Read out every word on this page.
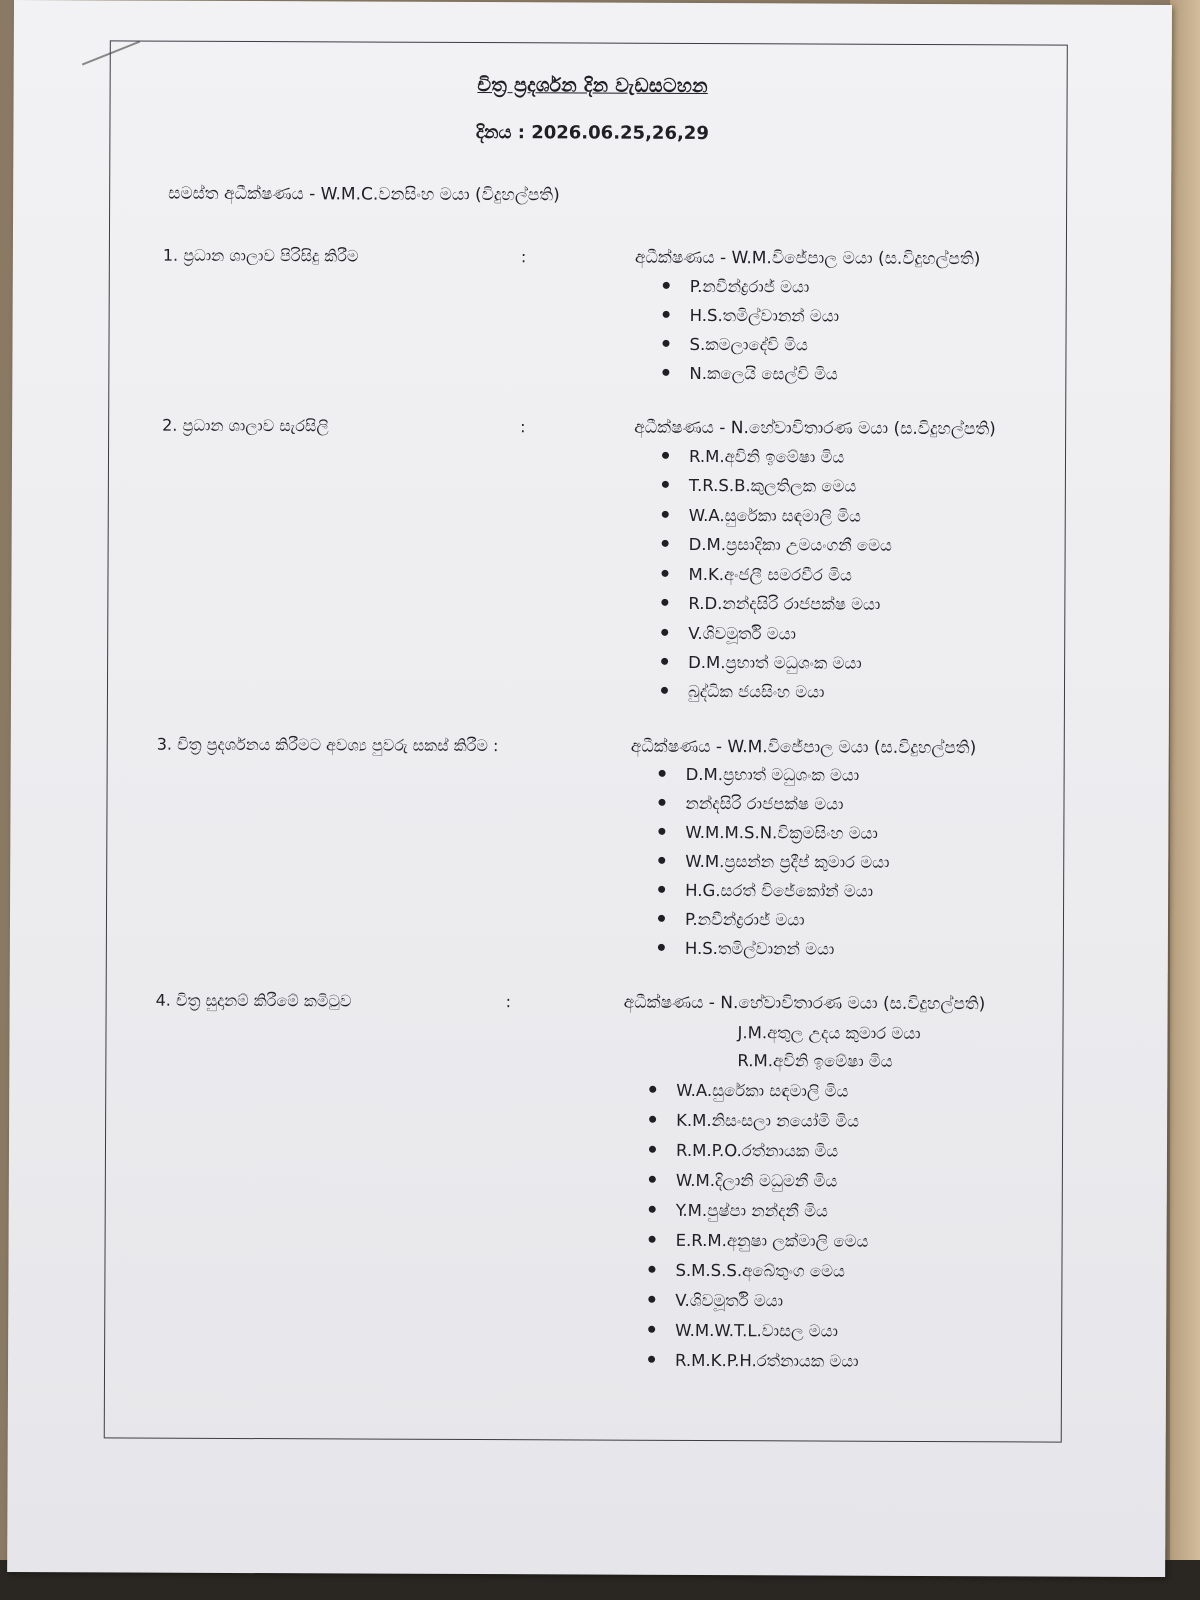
චිත්‍ර ප්‍රදර්ශන දින වැඩසටහන
දිනය : 2026.06.25,26,29
සමස්ත අධීක්ෂණය - W.M.C.වනසිංහ මයා (විදුහල්පති)
1. ප්‍රධාන ශාලාව පිරිසිදු කිරීම	:	අධීක්ෂණය - W.M.විජේපාල මයා (ස.විදුහල්පති)
P.නවීන්ද්‍රරාජ් මයා
H.S.තමිල්වානන් මයා
S.කමලාදේවි මිය
N.කලෙයි සෙල්වි මිය
2. ප්‍රධාන ශාලාව සැරසිලි	:	අධීක්ෂණය - N.හේවාවිතාරණ මයා (ස.විදුහල්පති)
R.M.අවිනි ඉමේෂා මිය
T.R.S.B.කුලතිලක මෙය
W.A.සුරේකා සඳමාලි මිය
D.M.ප්‍රසාදිකා උමයංගනී මෙය
M.K.අංජලී සමරවීර මිය
R.D.නන්දසිරි රාජපක්ෂ මයා
V.ශිවමූර්ති මයා
D.M.ප්‍රභාත් මධුශංක මයා
බුද්ධික ජයසිංහ මයා
3. චිත්‍ර ප්‍රදර්ශනය කිරීමට අවශ්‍ය පුවරු සකස් කිරීම :	අධීක්ෂණය - W.M.විජේපාල මයා (ස.විදුහල්පති)
D.M.ප්‍රභාත් මධුශංක මයා
නන්දසිරි රාජපක්ෂ මයා
W.M.M.S.N.වික්‍රමසිංහ මයා
W.M.ප්‍රසන්න ප්‍රදීප් කුමාර මයා
H.G.සරත් විජේකෝන් මයා
P.නවීන්ද්‍රරාජ් මයා
H.S.තමිල්වානන් මයා
4. චිත්‍ර සුදානම් කිරීමේ කමිටුව	:	අධීක්ෂණය - N.හේවාවිතාරණ මයා (ස.විදුහල්පති)
J.M.අතුල උදය කුමාර මයා
R.M.අවිනි ඉමේෂා මිය
W.A.සුරේකා සඳමාලි මිය
K.M.නිසංසලා නයෝමි මිය
R.M.P.O.රත්නායක මිය
W.M.දිලානි මධුමනී මිය
Y.M.පුෂ්පා නන්දනී මිය
E.R.M.අනුෂා ලක්මාලි මෙය
S.M.S.S.අබේතුංග මෙය
V.ශිවමූර්ති මයා
W.M.W.T.L.වාසල මයා
R.M.K.P.H.රත්නායක මයා
